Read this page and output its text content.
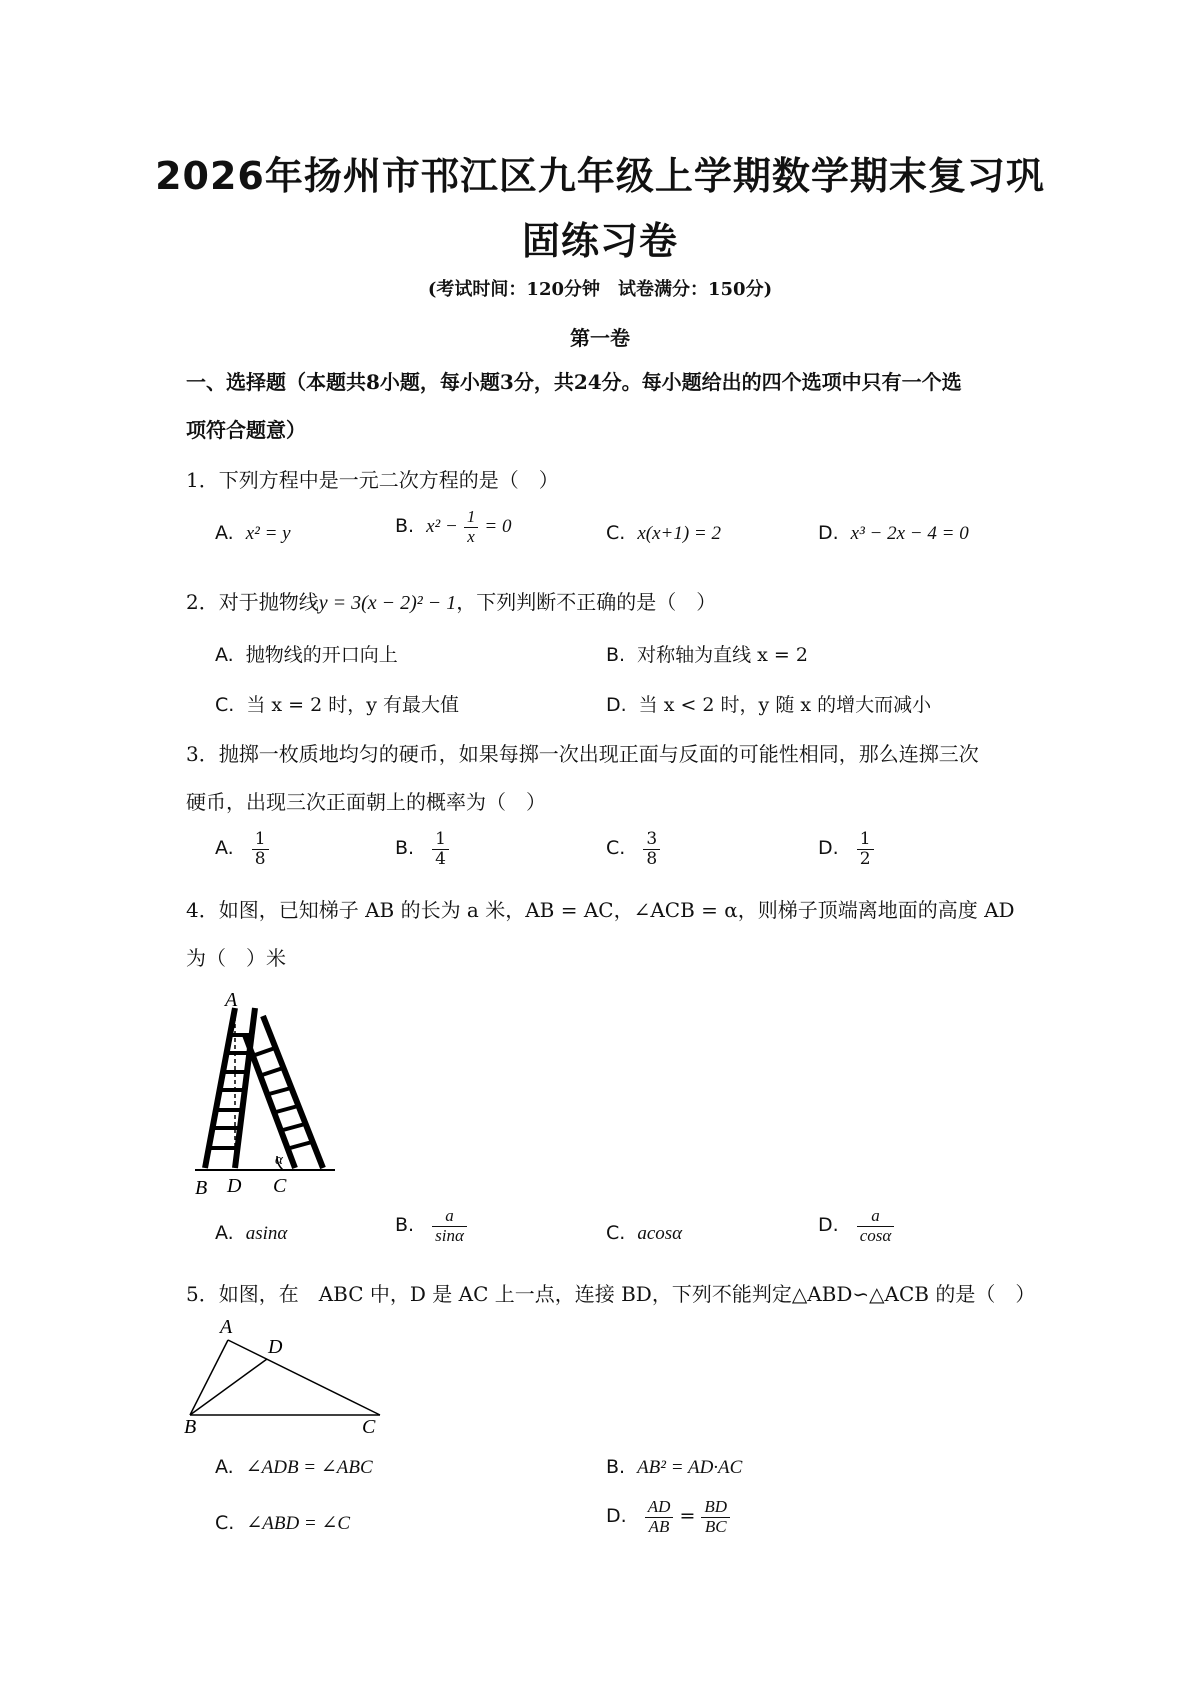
2026年扬州市邗江区九年级上学期数学期末复习巩
固练习卷
(考试时间：120分钟　试卷满分：150分)
第一卷
一、选择题（本题共8小题，每小题3分，共24分。每小题给出的四个选项中只有一个选
项符合题意）
1．下列方程中是一元二次方程的是（　）
A. x² = y	B. $x^2 - \frac{1}{x} = 0$	C. x(x+1) = 2	D. x³ − 2x − 4 = 0
2．对于抛物线y = 3(x − 2)² − 1，下列判断不正确的是（　）
A. 抛物线的开口向上	B. 对称轴为直线 x = 2
C. 当 x = 2 时，y 有最大值	D. 当 x < 2 时，y 随 x 的增大而减小
3．抛掷一枚质地均匀的硬币，如果每掷一次出现正面与反面的可能性相同，那么连掷三次
硬币，出现三次正面朝上的概率为（　）
A. $\frac{1}{8}$	B. $\frac{1}{4}$	C. $\frac{3}{8}$	D. $\frac{1}{2}$
4．如图，已知梯子 AB 的长为 a 米，AB = AC，∠ACB = α，则梯子顶端离地面的高度 AD
为（　）米
A
B D C
α
A. asinα	B. $\frac{a}{\sin\alpha}$	C. acosα	D. $\frac{a}{\cos\alpha}$
5．如图，在　ABC 中，D 是 AC 上一点，连接 BD，下列不能判定△ABD∽△ACB 的是（　）
A
D
B	C
A. ∠ADB = ∠ABC	B. AB² = AD·AC
C. ∠ABD = ∠C	D. $\frac{AD}{AB} = \frac{BD}{BC}$
